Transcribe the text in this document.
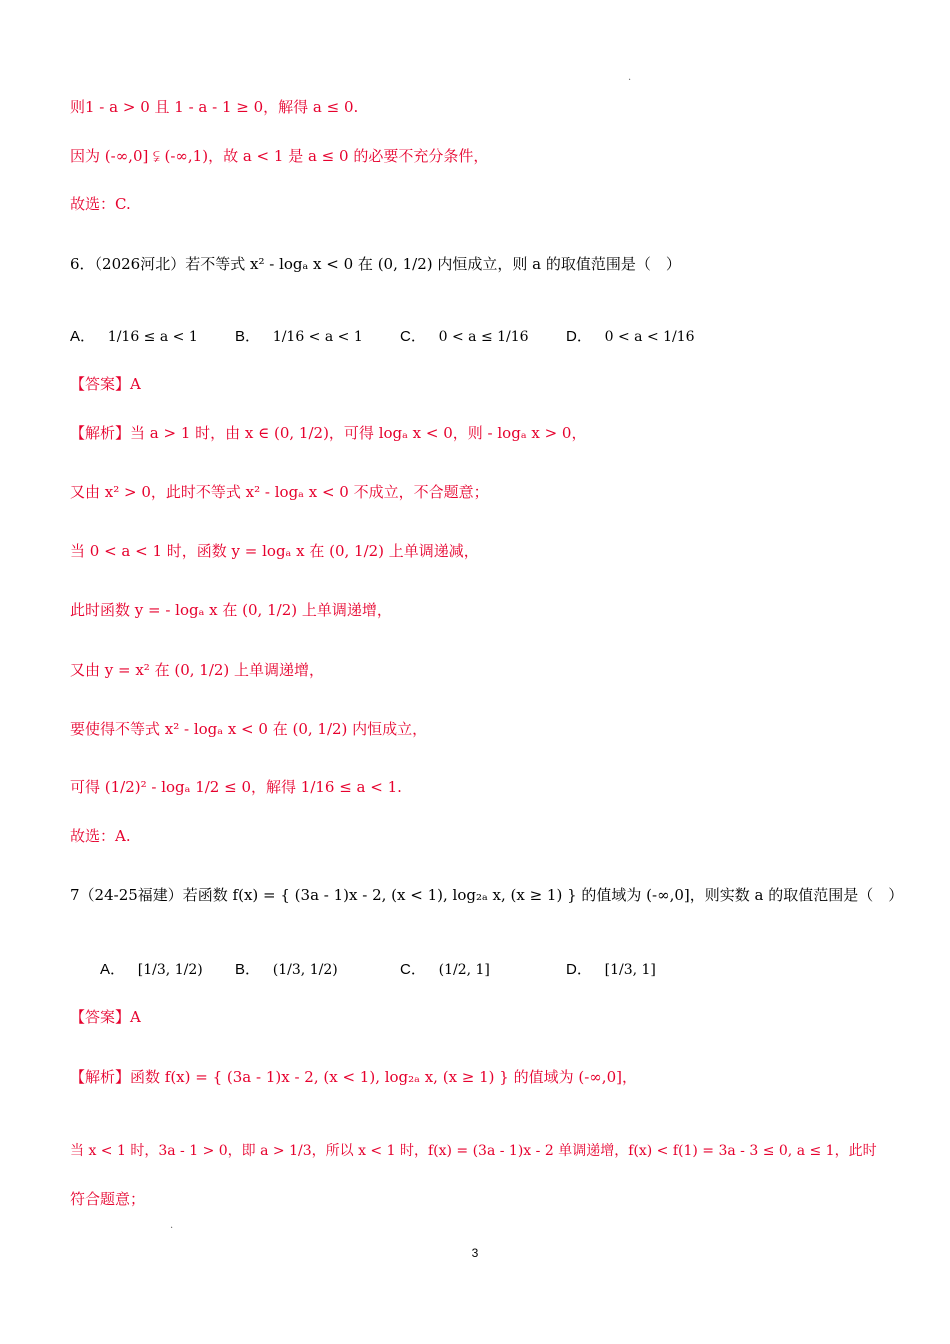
.
则1 - a > 0 且 1 - a - 1 ≥ 0，解得 a ≤ 0.
因为 (-∞,0] ⫋ (-∞,1)，故 a < 1 是 a ≤ 0 的必要不充分条件，
故选：C.
6．（2026河北）若不等式 x² - logₐ x < 0 在 (0, 1/2) 内恒成立，则 a 的取值范围是（　）
A． 1/16 ≤ a < 1 B． 1/16 < a < 1 C． 0 < a ≤ 1/16 D． 0 < a < 1/16
【答案】A
【解析】当 a > 1 时，由 x ∈ (0, 1/2)，可得 logₐ x < 0，则 - logₐ x > 0，
又由 x² > 0，此时不等式 x² - logₐ x < 0 不成立，不合题意；
当 0 < a < 1 时，函数 y = logₐ x 在 (0, 1/2) 上单调递减，
此时函数 y = - logₐ x 在 (0, 1/2) 上单调递增，
又由 y = x² 在 (0, 1/2) 上单调递增，
要使得不等式 x² - logₐ x < 0 在 (0, 1/2) 内恒成立，
可得 (1/2)² - logₐ 1/2 ≤ 0，解得 1/16 ≤ a < 1.
故选：A.
7（24-25福建）若函数 f(x) = { (3a - 1)x - 2, (x < 1), log₂ₐ x, (x ≥ 1) } 的值域为 (-∞,0]，则实数 a 的取值范围是（　）
A． [1/3, 1/2) B． (1/3, 1/2)	C． (1/2, 1]	D． [1/3, 1]
【答案】A
【解析】函数 f(x) = { (3a - 1)x - 2, (x < 1), log₂ₐ x, (x ≥ 1) } 的值域为 (-∞,0]，
当 x < 1 时，3a - 1 > 0，即 a > 1/3，所以 x < 1 时，f(x) = (3a - 1)x - 2 单调递增，f(x) < f(1) = 3a - 3 ≤ 0, a ≤ 1，此时
符合题意；
.
3
